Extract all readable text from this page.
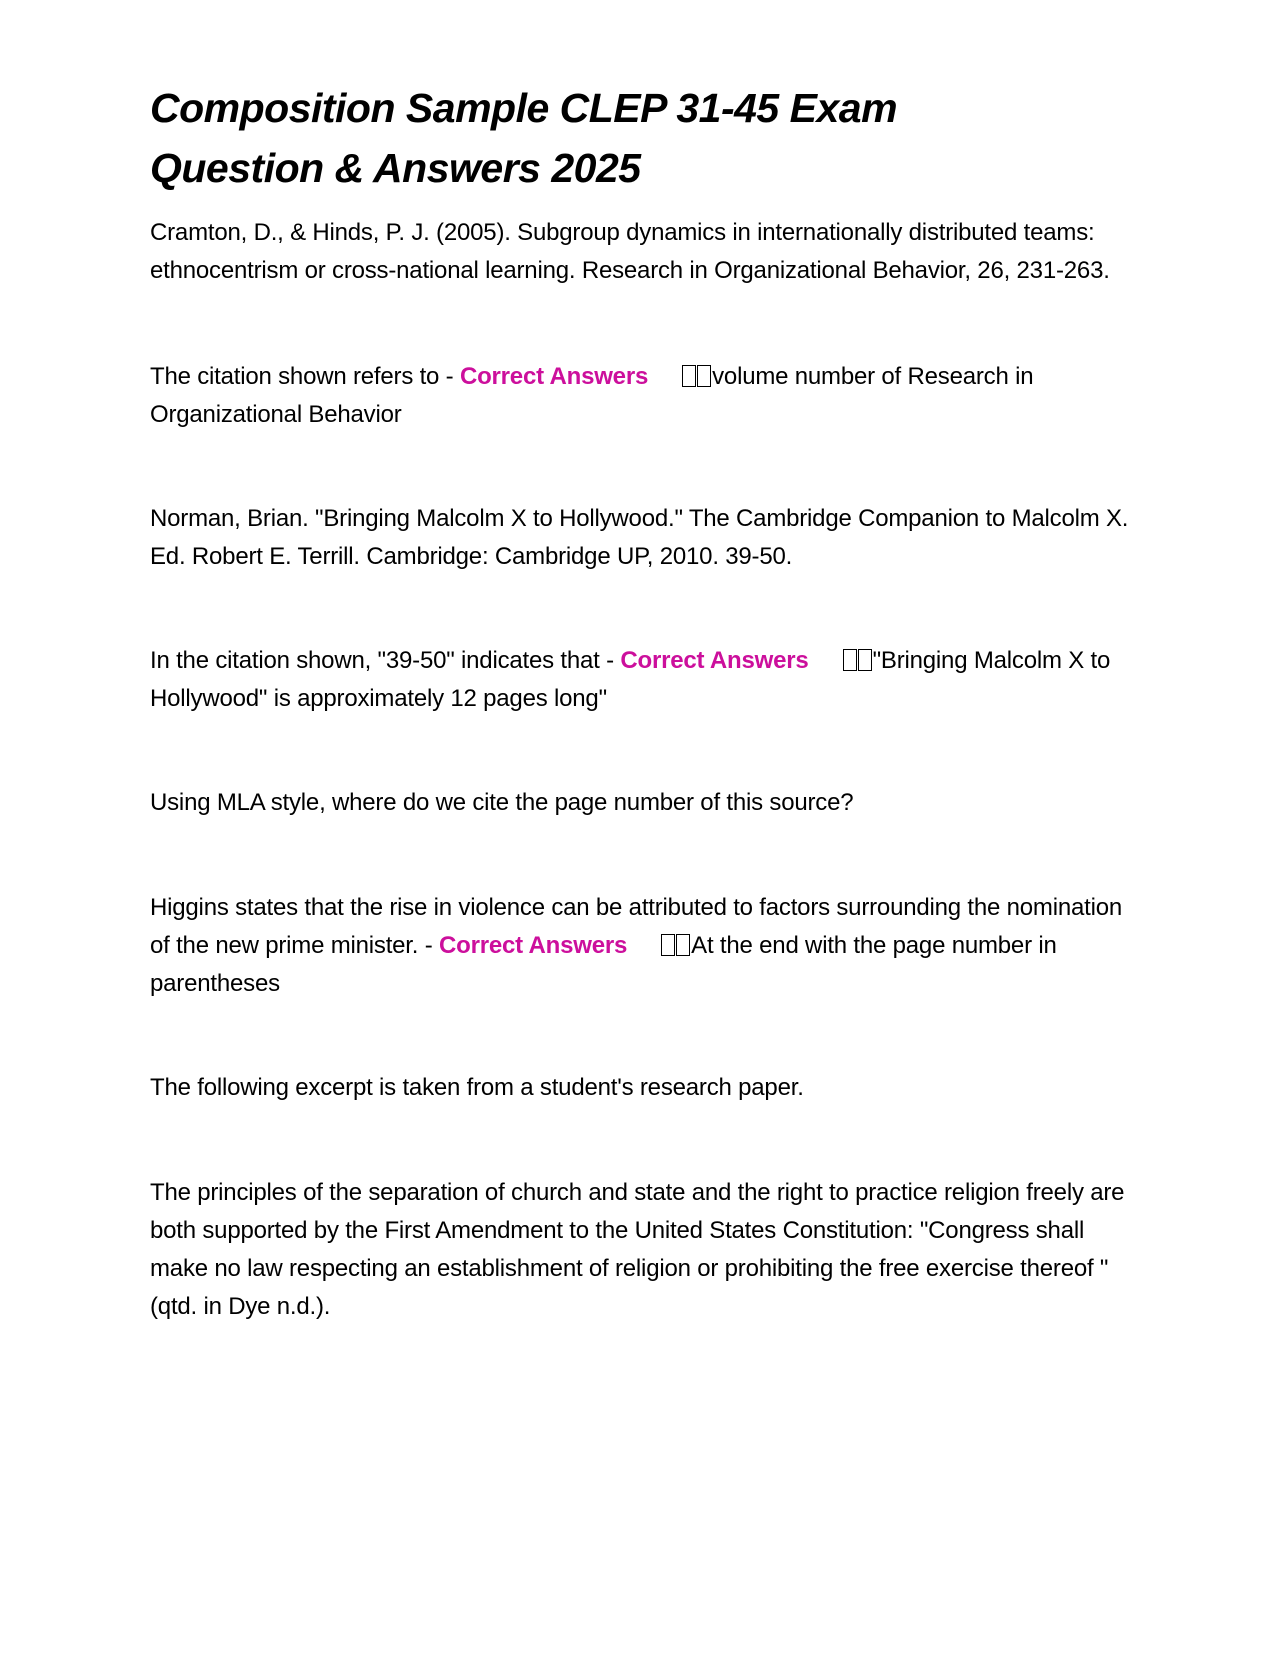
Composition Sample CLEP 31-45 Exam
Question & Answers 2025

Cramton, D., & Hinds, P. J. (2005). Subgroup dynamics in internationally distributed teams: ethnocentrism or cross-national learning. Research in Organizational Behavior, 26, 231-263.

The citation shown refers to - Correct Answers	volume number of Research in Organizational Behavior

Norman, Brian. "Bringing Malcolm X to Hollywood." The Cambridge Companion to Malcolm X. Ed. Robert E. Terrill. Cambridge: Cambridge UP, 2010. 39-50.

In the citation shown, "39-50" indicates that - Correct Answers	"Bringing Malcolm X to Hollywood" is approximately 12 pages long"

Using MLA style, where do we cite the page number of this source?

Higgins states that the rise in violence can be attributed to factors surrounding the nomination of the new prime minister. - Correct Answers	At the end with the page number in parentheses

The following excerpt is taken from a student's research paper.

The principles of the separation of church and state and the right to practice religion freely are both supported by the First Amendment to the United States Constitution: "Congress shall make no law respecting an establishment of religion or prohibiting the free exercise thereof " (qtd. in Dye n.d.).
